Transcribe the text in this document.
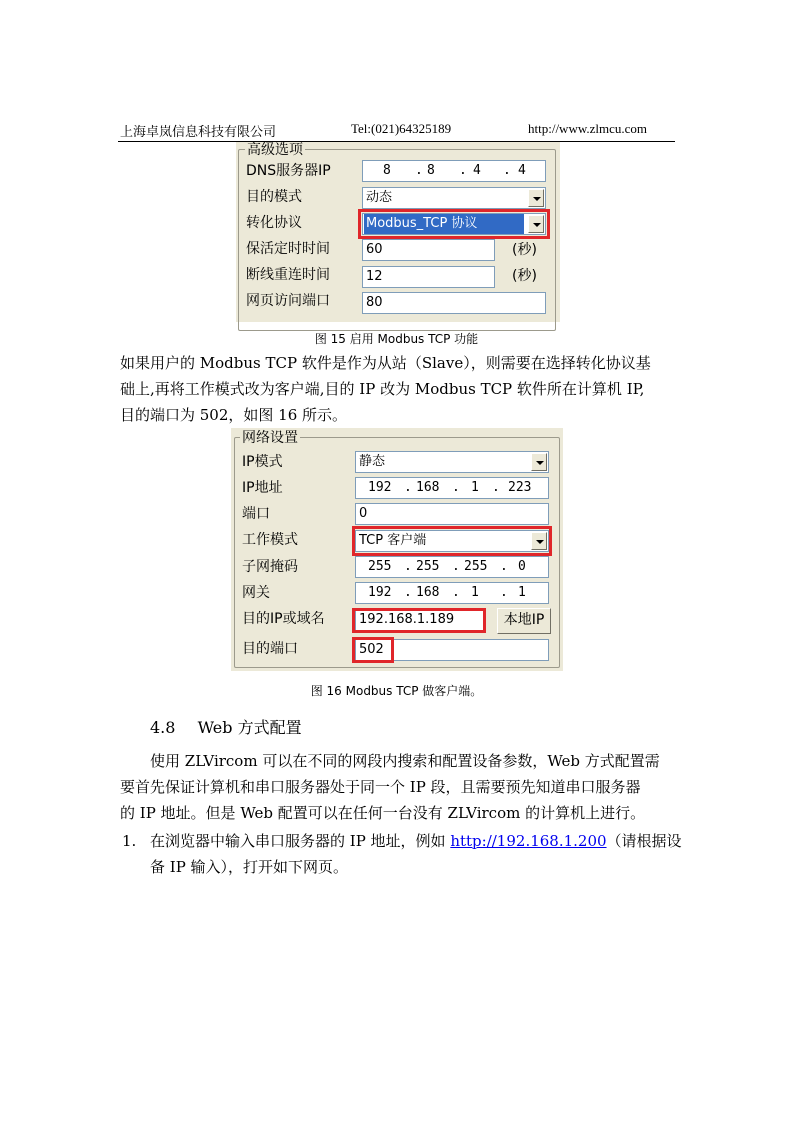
上海卓岚信息科技有限公司	Tel:(021)64325189	http://www.zlmcu.com
高级选项
DNS服务器IP	8 . 8 . 4 . 4
目的模式	动态
转化协议	Modbus_TCP 协议
保活定时时间	60	(秒)
断线重连时间	12	(秒)
网页访问端口	80
图 15 启用 Modbus TCP 功能
如果用户的 Modbus TCP 软件是作为从站（Slave），则需要在选择转化协议基
础上,再将工作模式改为客户端,目的 IP 改为 Modbus TCP 软件所在计算机 IP,
目的端口为 502，如图 16 所示。
网络设置
IP模式	静态
IP地址	192 . 168 . 1 . 223
端口	0
工作模式	TCP 客户端
子网掩码	255 . 255 . 255 . 0
网关	192 . 168 . 1 . 1
目的IP或域名	192.168.1.189	本地IP
目的端口	502
图 16 Modbus TCP 做客户端。
4.8 Web 方式配置
使用 ZLVircom 可以在不同的网段内搜索和配置设备参数，Web 方式配置需
要首先保证计算机和串口服务器处于同一个 IP 段，且需要预先知道串口服务器
的 IP 地址。但是 Web 配置可以在任何一台没有 ZLVircom 的计算机上进行。
1. 在浏览器中输入串口服务器的 IP 地址，例如 http://192.168.1.200（请根据设
备 IP 输入），打开如下网页。
